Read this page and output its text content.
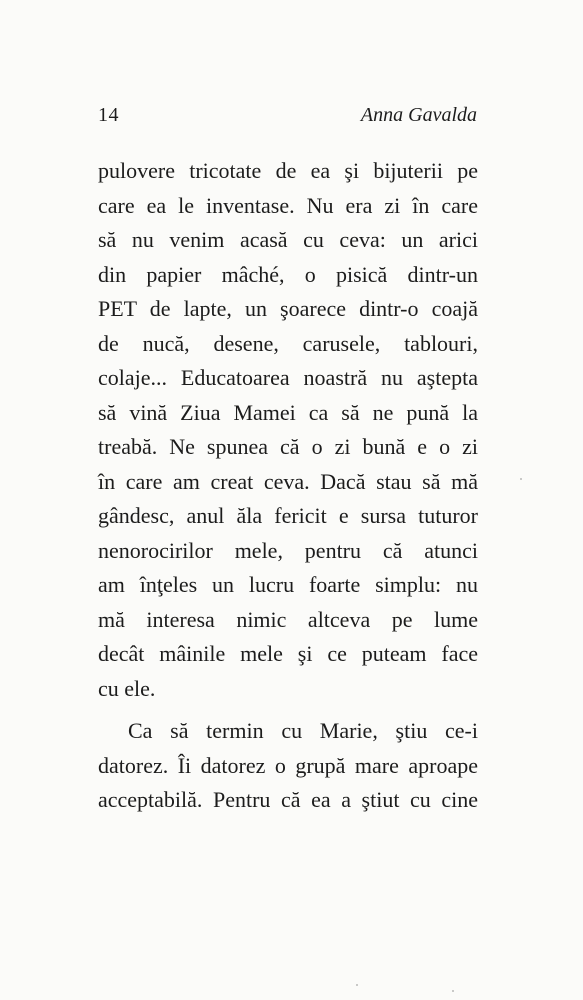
14	Anna Gavalda
pulovere tricotate de ea şi bijuterii pe
care ea le inventase. Nu era zi în care
să nu venim acasă cu ceva: un arici
din papier mâché, o pisică dintr-un
PET de lapte, un şoarece dintr-o coajă
de nucă, desene, carusele, tablouri,
colaje... Educatoarea noastră nu aştepta
să vină Ziua Mamei ca să ne pună la
treabă. Ne spunea că o zi bună e o zi
în care am creat ceva. Dacă stau să mă
gândesc, anul ăla fericit e sursa tuturor
nenorocirilor mele, pentru că atunci
am înţeles un lucru foarte simplu: nu
mă interesa nimic altceva pe lume
decât mâinile mele şi ce puteam face
cu ele.
Ca să termin cu Marie, ştiu ce-i
datorez. Îi datorez o grupă mare aproape
acceptabilă. Pentru că ea a ştiut cu cine
